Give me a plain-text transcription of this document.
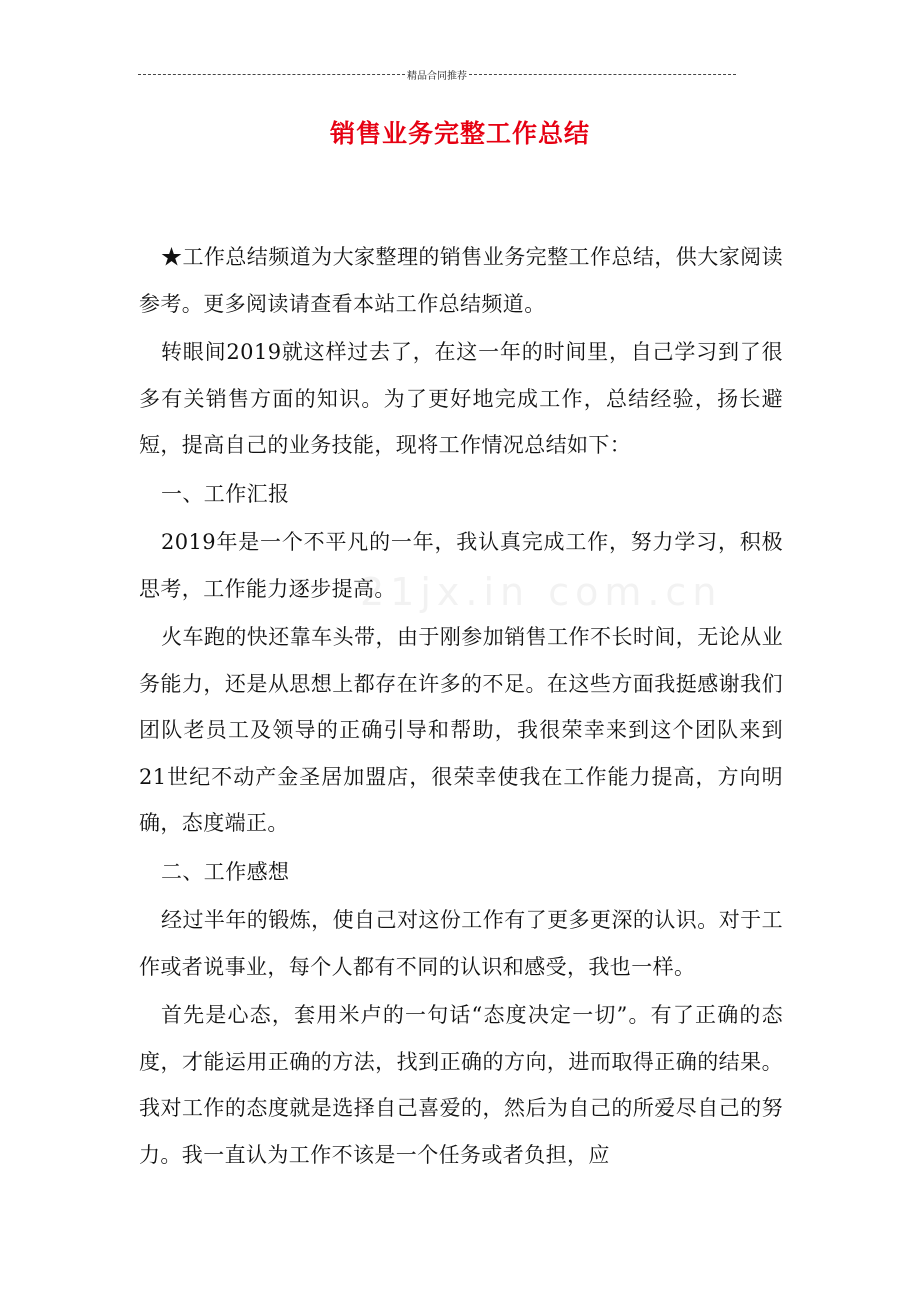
精品合同推荐
21jx.in com.cn
销售业务完整工作总结

★工作总结频道为大家整理的销售业务完整工作总结，供大家阅读参考。更多阅读请查看本站工作总结频道。

转眼间2019就这样过去了，在这一年的时间里，自己学习到了很多有关销售方面的知识。为了更好地完成工作，总结经验，扬长避短，提高自己的业务技能，现将工作情况总结如下：

一、工作汇报

2019年是一个不平凡的一年，我认真完成工作，努力学习，积极思考，工作能力逐步提高。

火车跑的快还靠车头带，由于刚参加销售工作不长时间，无论从业务能力，还是从思想上都存在许多的不足。在这些方面我挺感谢我们团队老员工及领导的正确引导和帮助，我很荣幸来到这个团队来到21世纪不动产金圣居加盟店，很荣幸使我在工作能力提高，方向明确，态度端正。

二、工作感想

经过半年的锻炼，使自己对这份工作有了更多更深的认识。对于工作或者说事业，每个人都有不同的认识和感受，我也一样。

首先是心态，套用米卢的一句话“态度决定一切”。有了正确的态度，才能运用正确的方法，找到正确的方向，进而取得正确的结果。我对工作的态度就是选择自己喜爱的，然后为自己的所爱尽自己的努力。我一直认为工作不该是一个任务或者负担，应
